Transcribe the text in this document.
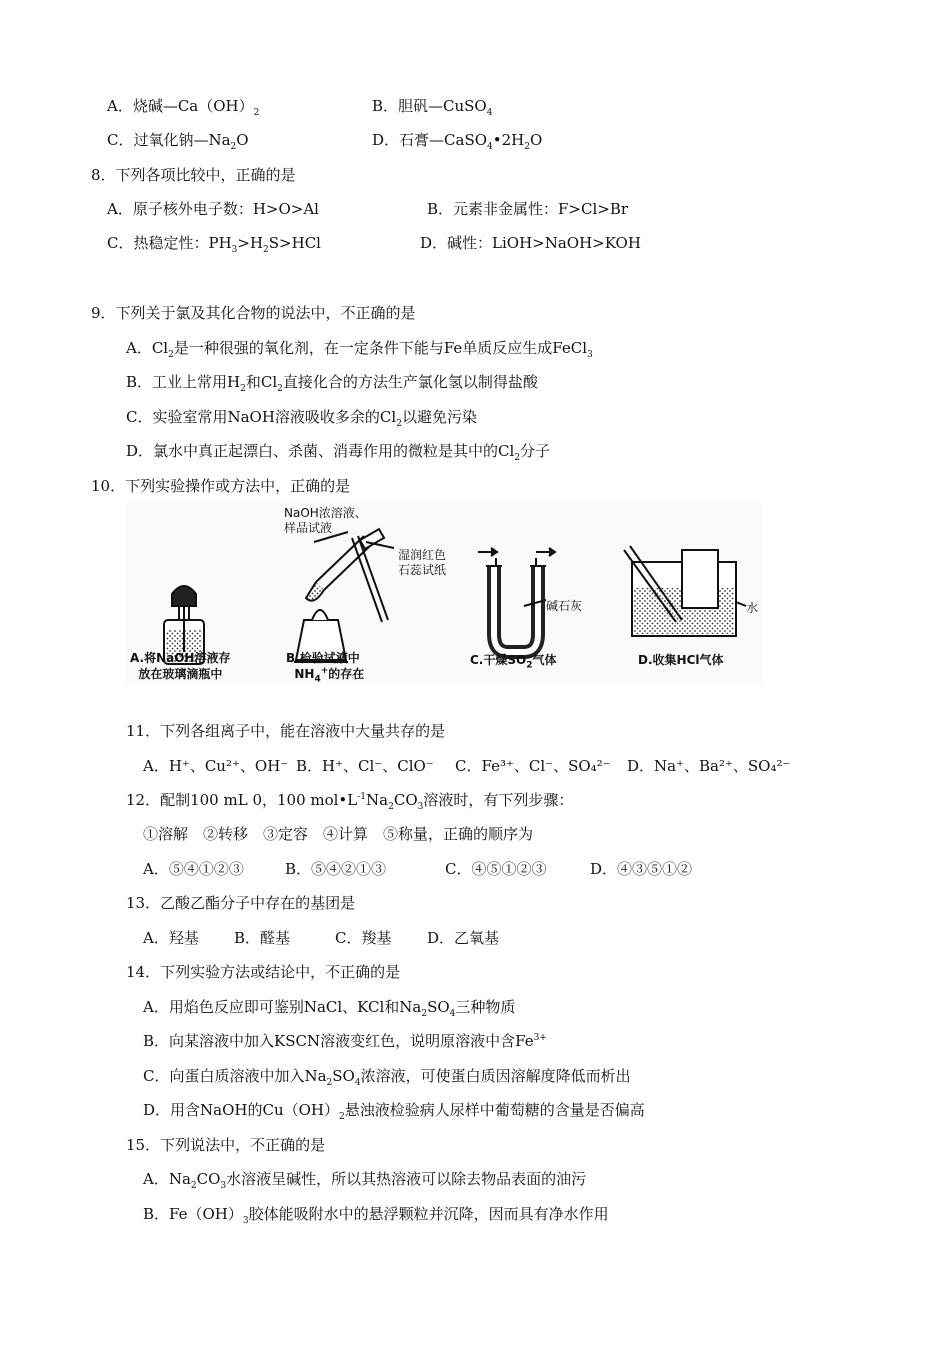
A．烧碱$—Ca(OH)_2$	B．胆矾—CuSO$_4$
C．过氧化钠$—Na_2O$	D．石膏$—CaSO_4•2H_2O$
8．下列各项比较中，正确的是
A．原子核外电子数：H>O>Al	B．元素非金属性：F>Cl>Br
C．热稳定性：$PH_3>H_2S>HCl$	D．碱性：LiOH>NaOH>KOH
9．下列关于氯及其化合物的说法中，不正确的是
A．$Cl_2$是一种很强的氧化剂，在一定条件下能与Fe单质反应生成FeCl$_3$
B．工业上常用$H_2$和$Cl_2$直接化合的方法生产氯化氢以制得盐酸
C．实验室常用NaOH溶液吸收多余的$Cl_2$以避免污染
D．氯水中真正起漂白、杀菌、消毒作用的微粒是其中的$Cl_2$分子
10．下列实验操作或方法中，正确的是
NaOH浓溶液、
样品试液
湿润红色
石蕊试纸
碱石灰	水
A.将NaOH溶液存
放在玻璃滴瓶中
B.检验试液中
$NH_4^+$的存在
C.干燥$SO_2$气体	D.收集HCl气体
11．下列各组离子中，能在溶液中大量共存的是
A．H⁺、Cu²⁺、OH⁻ B．H⁺、Cl⁻、ClO⁻ C．Fe³⁺、Cl⁻、SO₄²⁻ D．Na⁺、Ba²⁺、SO₄²⁻
12．配制100 mL 0，100 $mol•L^{-1}Na_2CO_3$溶液时，有下列步骤：
①溶解　②转移　③定容　④计算　⑤称量，正确的顺序为
A．⑤④①②③	B．⑤④②①③	C．④⑤①②③	D．④③⑤①②
13．乙酸乙酯分子中存在的基团是
A．羟基 B．醛基	C．羧基 D．乙氧基
14．下列实验方法或结论中，不正确的是
A．用焰色反应即可鉴别NaCl、KCl和$Na_2SO_4$三种物质
B．向某溶液中加入KSCN溶液变红色，说明原溶液中含$Fe^{3+}$
C．向蛋白质溶液中加入$Na_2SO_4$浓溶液，可使蛋白质因溶解度降低而析出
D．用含NaOH的$Cu(OH)_2$悬浊液检验病人尿样中葡萄糖的含量是否偏高
15．下列说法中，不正确的是
A．$Na_2CO_3$水溶液呈碱性，所以其热溶液可以除去物品表面的油污
B．$Fe(OH)_3$胶体能吸附水中的悬浮颗粒并沉降，因而具有净水作用
